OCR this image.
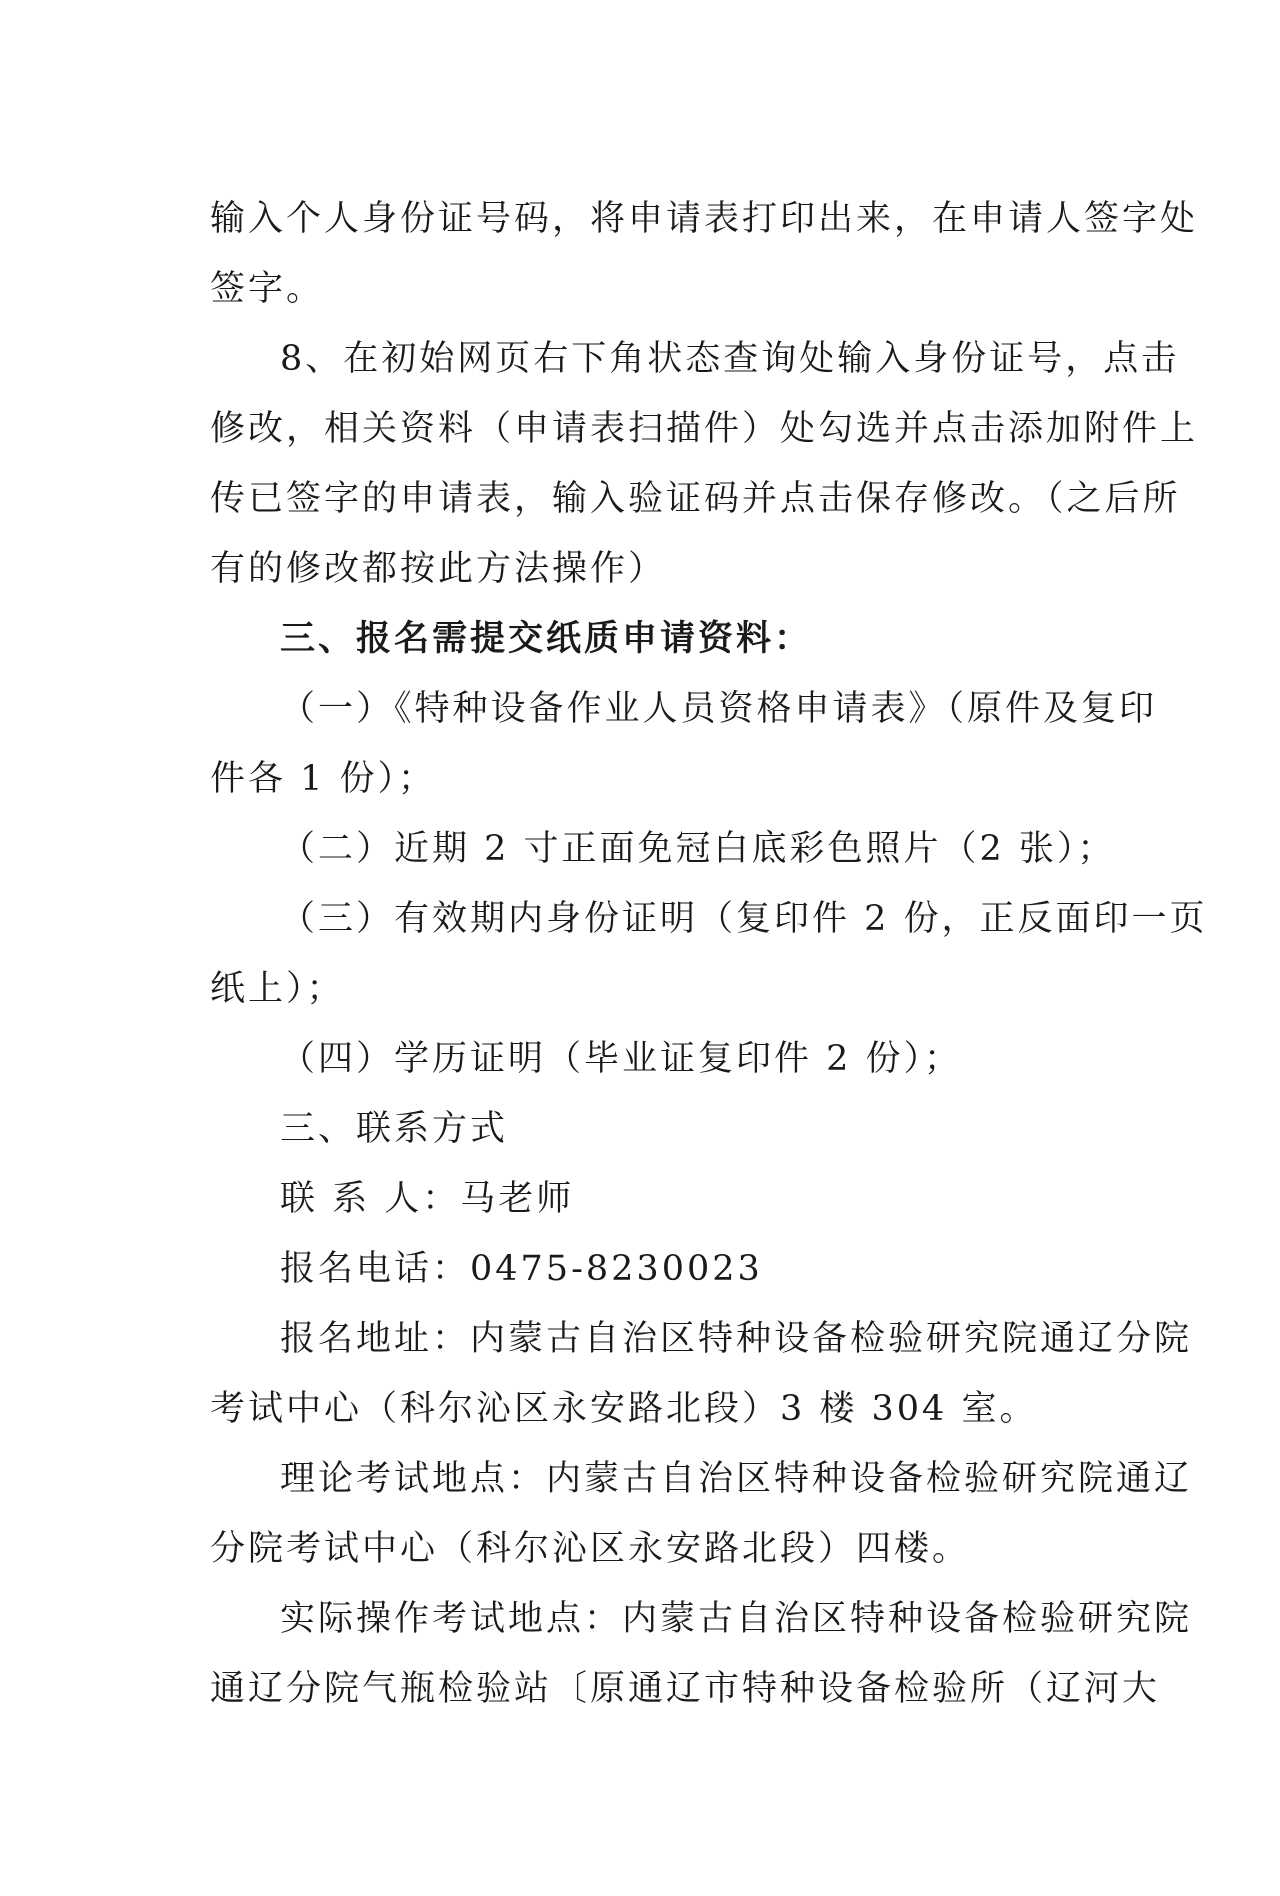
输入个人身份证号码，将申请表打印出来，在申请人签字处
签字。
8、在初始网页右下角状态查询处输入身份证号，点击
修改，相关资料（申请表扫描件）处勾选并点击添加附件上
传已签字的申请表，输入验证码并点击保存修改。（之后所
有的修改都按此方法操作）
三、报名需提交纸质申请资料：
（一）《特种设备作业人员资格申请表》（原件及复印
件各 1 份）；
（二）近期 2 寸正面免冠白底彩色照片（2 张）；
（三）有效期内身份证明（复印件 2 份，正反面印一页
纸上）；
（四）学历证明（毕业证复印件 2 份）；
三、联系方式
联 系 人：马老师
报名电话：0475-8230023
报名地址：内蒙古自治区特种设备检验研究院通辽分院
考试中心（科尔沁区永安路北段）3 楼 304 室。
理论考试地点：内蒙古自治区特种设备检验研究院通辽
分院考试中心（科尔沁区永安路北段）四楼。
实际操作考试地点：内蒙古自治区特种设备检验研究院
通辽分院气瓶检验站〔原通辽市特种设备检验所（辽河大
